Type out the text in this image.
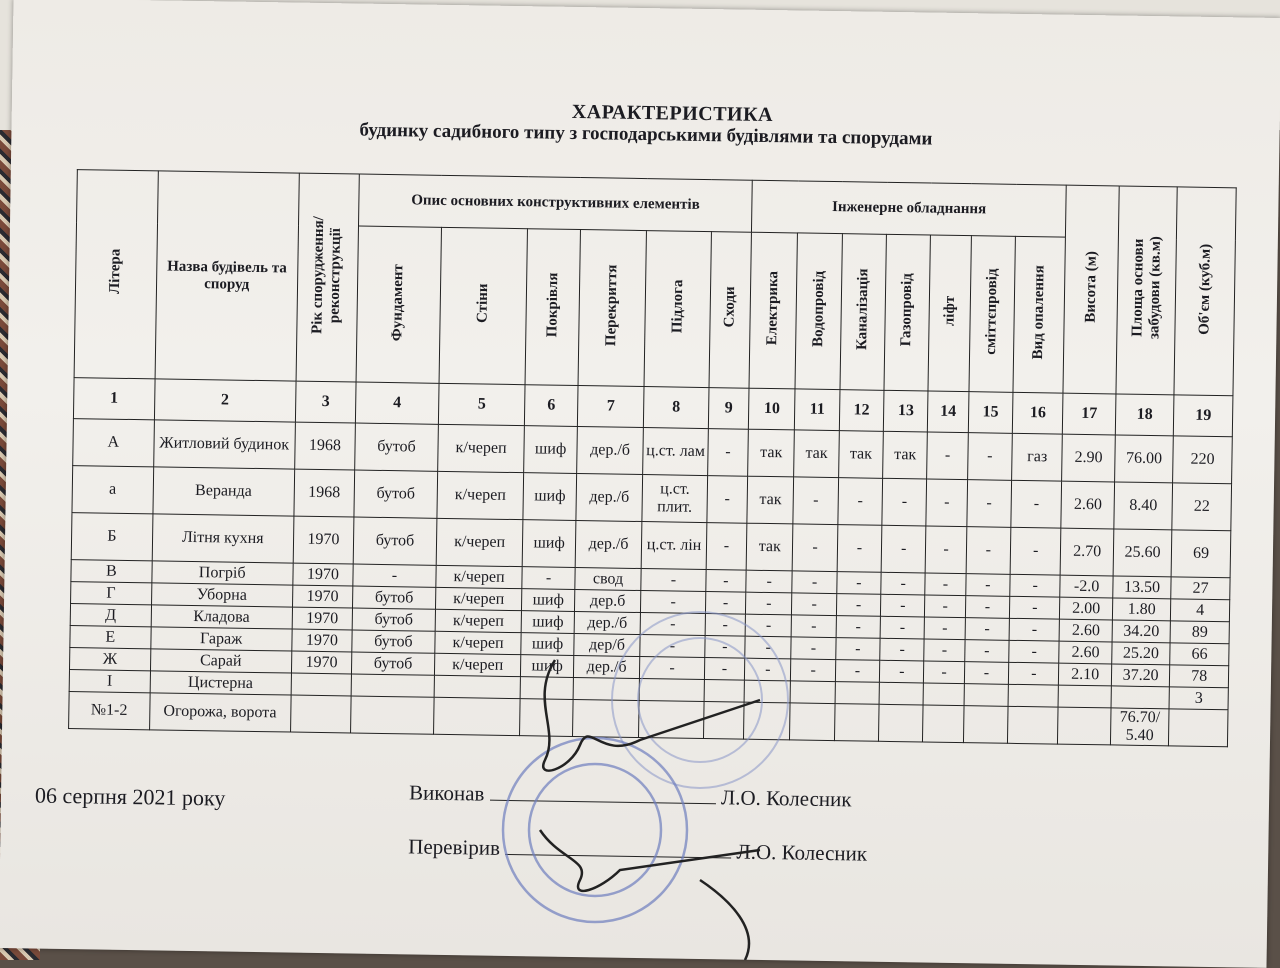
ХАРАКТЕРИСТИКА
будинку садибного типу з господарськими будівлями та спорудами
Літера	Назва будівель та споруд	Рік спорудження/ реконструкції	Опис основних конструктивних елементів						Інженерне обладнання							Висота (м)	Площа основи забудови (кв.м)	Об'єм (куб.м)
			Фундамент	Стіни	Покрівля	Перекриття	Підлога	Сходи	Електрика	Водопровід	Каналізація	Газопровід	ліфт	сміттєпровід	Вид опалення			
1	2	3	4	5	6	7	8	9	10	11	12	13	14	15	16	17	18	19
А	Житловий будинок	1968	бутоб	к/череп	шиф	дер./б	ц.ст. лам	-	так	так	так	так	-	-	газ	2.90	76.00	220
а	Веранда	1968	бутоб	к/череп	шиф	дер./б	ц.ст. плит.	-	так	-	-	-	-	-	-	2.60	8.40	22
Б	Літня кухня	1970	бутоб	к/череп	шиф	дер./б	ц.ст. лін	-	так	-	-	-	-	-	-	2.70	25.60	69
В	Погріб	1970	-	к/череп	-	свод	-	-	-	-	-	-	-	-	-	-2.0	13.50	27
Г	Уборна	1970	бутоб	к/череп	шиф	дер.б	-	-	-	-	-	-	-	-	-	2.00	1.80	4
Д	Кладова	1970	бутоб	к/череп	шиф	дер./б	-	-	-	-	-	-	-	-	-	2.60	34.20	89
Е	Гараж	1970	бутоб	к/череп	шиф	дер/б	-	-	-	-	-	-	-	-	-	2.60	25.20	66
Ж	Сарай	1970	бутоб	к/череп	шиф	дер./б	-	-	-	-	-	-	-	-	-	2.10	37.20	78
І	Цистерна																	3
№1-2	Огорожа, ворота																76.70/ 5.40	
06 серпня 2021 року	Виконав	Л.О. Колесник
Перевірив	Л.О. Колесник
